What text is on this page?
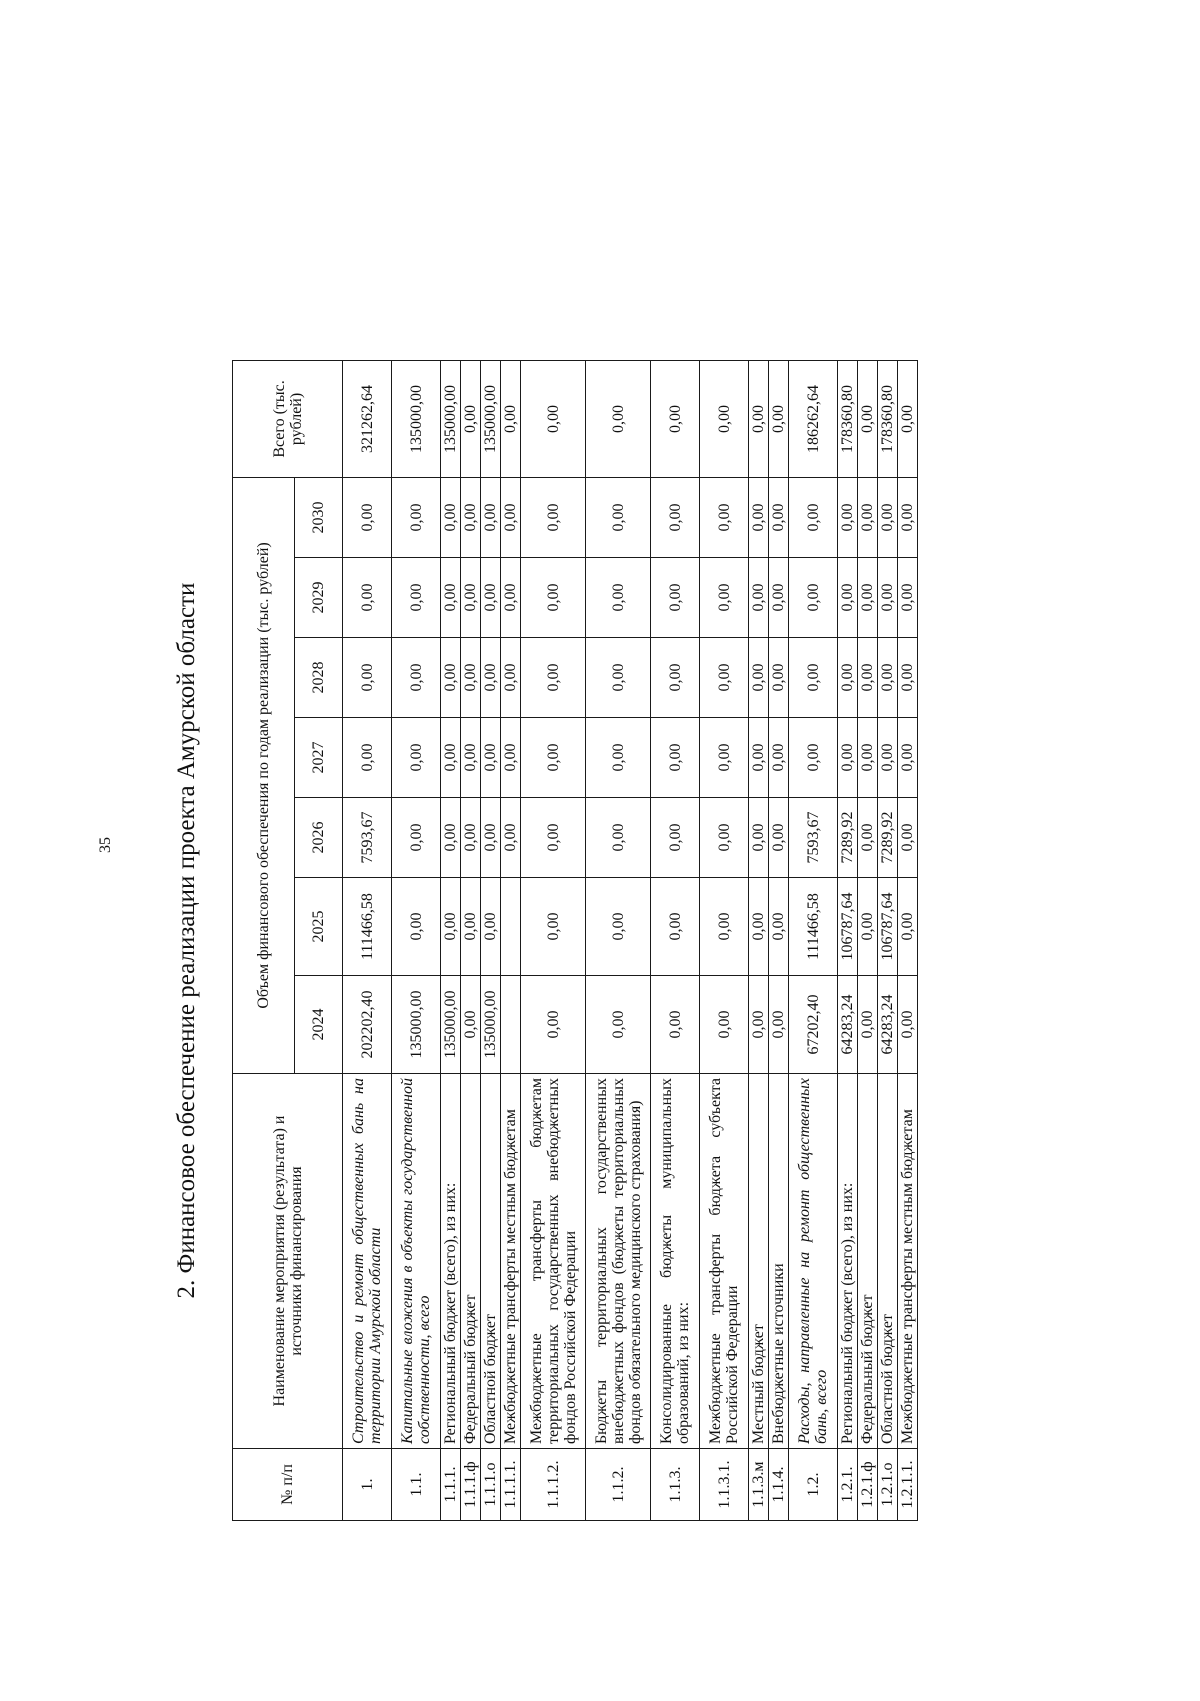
35 2. Финансовое обеспечение реализации проекта Амурской области
№ п/п	Наименование мероприятия (результата) и источники финансирования	Объем финансового обеспечения по годам реализации (тыс. рублей)							Всего (тыс. рублей)
		2024	2025	2026	2027	2028	2029	2030	
1.	Строительство и ремонт общественных бань на территории Амурской области	202202,40	111466,58	7593,67	0,00	0,00	0,00	0,00	321262,64
1.1.	Капитальные вложения в объекты государственной собственности, всего	135000,00	0,00	0,00	0,00	0,00	0,00	0,00	135000,00
1.1.1.	Региональный бюджет (всего), из них:	135000,00	0,00	0,00	0,00	0,00	0,00	0,00	135000,00
1.1.1.ф	Федеральный бюджет	0,00	0,00	0,00	0,00	0,00	0,00	0,00	0,00
1.1.1.о	Областной бюджет	135000,00	0,00	0,00	0,00	0,00	0,00	0,00	135000,00
1.1.1.1.	Межбюджетные трансферты местным бюджетам			0,00	0,00	0,00	0,00	0,00	0,00
1.1.1.2.	Межбюджетные трансферты бюджетам территориальных государственных внебюджетных фондов Российской Федерации	0,00	0,00	0,00	0,00	0,00	0,00	0,00	0,00
1.1.2.	Бюджеты территориальных государственных внебюджетных фондов (бюджеты территориальных фондов обязательного медицинского страхования)	0,00	0,00	0,00	0,00	0,00	0,00	0,00	0,00
1.1.3.	Консолидированные бюджеты муниципальных образований, из них:	0,00	0,00	0,00	0,00	0,00	0,00	0,00	0,00
1.1.3.1.	Межбюджетные трансферты бюджета субъекта Российской Федерации	0,00	0,00	0,00	0,00	0,00	0,00	0,00	0,00
1.1.3.м	Местный бюджет	0,00	0,00	0,00	0,00	0,00	0,00	0,00	0,00
1.1.4.	Внебюджетные источники	0,00	0,00	0,00	0,00	0,00	0,00	0,00	0,00
1.2.	Расходы, направленные на ремонт общественных бань, всего	67202,40	111466,58	7593,67	0,00	0,00	0,00	0,00	186262,64
1.2.1.	Региональный бюджет (всего), из них:	64283,24	106787,64	7289,92	0,00	0,00	0,00	0,00	178360,80
1.2.1.ф	Федеральный бюджет	0,00	0,00	0,00	0,00	0,00	0,00	0,00	0,00
1.2.1.о	Областной бюджет	64283,24	106787,64	7289,92	0,00	0,00	0,00	0,00	178360,80
1.2.1.1.	Межбюджетные трансферты местным бюджетам	0,00	0,00	0,00	0,00	0,00	0,00	0,00	0,00
